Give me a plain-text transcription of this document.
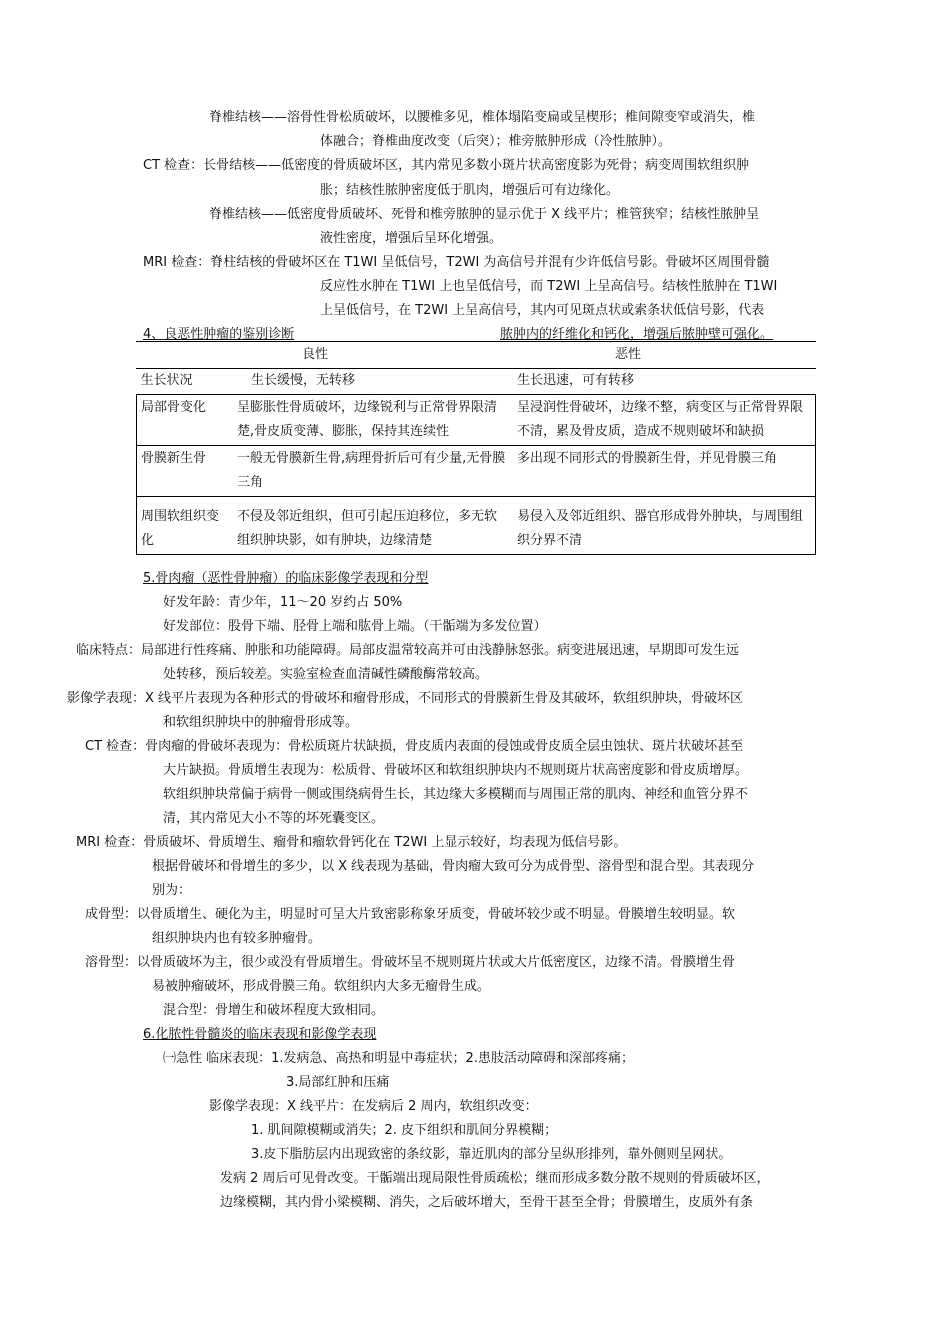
脊椎结核——溶骨性骨松质破坏，以腰椎多见，椎体塌陷变扁或呈楔形；椎间隙变窄或消失，椎
体融合；脊椎曲度改变（后突）；椎旁脓肿形成（冷性脓肿）。
CT 检查：长骨结核——低密度的骨质破坏区，其内常见多数小斑片状高密度影为死骨；病变周围软组织肿
胀；结核性脓肿密度低于肌肉，增强后可有边缘化。
脊椎结核——低密度骨质破坏、死骨和椎旁脓肿的显示优于 X 线平片；椎管狭窄；结核性脓肿呈
液性密度，增强后呈环化增强。
MRI 检查：脊柱结核的骨破坏区在 T1WI 呈低信号，T2WI 为高信号并混有少许低信号影。骨破坏区周围骨髓
反应性水肿在 T1WI 上也呈低信号，而 T2WI 上呈高信号。结核性脓肿在 T1WI
上呈低信号，在 T2WI 上呈高信号，其内可见斑点状或索条状低信号影，代表
4、良恶性肿瘤的鉴别诊断	脓肿内的纤维化和钙化，增强后脓肿壁可强化。
良性	恶性
生长状况	生长缓慢，无转移	生长迅速，可有转移
局部骨变化	呈膨胀性骨质破坏，边缘锐利与正常骨界限清楚,骨皮质变薄、膨胀，保持其连续性	呈浸润性骨破坏，边缘不整，病变区与正常骨界限不清，累及骨皮质，造成不规则破坏和缺损
骨膜新生骨	一般无骨膜新生骨,病理骨折后可有少量,无骨膜三角	多出现不同形式的骨膜新生骨，并见骨膜三角
周围软组织变化	不侵及邻近组织，但可引起压迫移位，多无软组织肿块影，如有肿块，边缘清楚	易侵入及邻近组织、器官形成骨外肿块，与周围组织分界不清
5.骨肉瘤（恶性骨肿瘤）的临床影像学表现和分型
好发年龄：青少年，11～20 岁约占 50%
好发部位：股骨下端、胫骨上端和肱骨上端。（干骺端为多发位置）
临床特点：局部进行性疼痛、肿胀和功能障碍。局部皮温常较高并可由浅静脉怒张。病变进展迅速，早期即可发生远
处转移，预后较差。实验室检查血清碱性磷酸酶常较高。
影像学表现：X 线平片表现为各种形式的骨破坏和瘤骨形成，不同形式的骨膜新生骨及其破坏，软组织肿块，骨破坏区
和软组织肿块中的肿瘤骨形成等。
CT 检查：骨肉瘤的骨破坏表现为：骨松质斑片状缺损，骨皮质内表面的侵蚀或骨皮质全层虫蚀状、斑片状破坏甚至
大片缺损。骨质增生表现为：松质骨、骨破坏区和软组织肿块内不规则斑片状高密度影和骨皮质增厚。
软组织肿块常偏于病骨一侧或围绕病骨生长，其边缘大多模糊而与周围正常的肌肉、神经和血管分界不
清，其内常见大小不等的坏死囊变区。
MRI 检查：骨质破坏、骨质增生、瘤骨和瘤软骨钙化在 T2WI 上显示较好，均表现为低信号影。
根据骨破坏和骨增生的多少，以 X 线表现为基础，骨肉瘤大致可分为成骨型、溶骨型和混合型。其表现分
别为：
成骨型：以骨质增生、硬化为主，明显时可呈大片致密影称象牙质变，骨破坏较少或不明显。骨膜增生较明显。软
组织肿块内也有较多肿瘤骨。
溶骨型：以骨质破坏为主，很少或没有骨质增生。骨破坏呈不规则斑片状或大片低密度区，边缘不清。骨膜增生骨
易被肿瘤破坏，形成骨膜三角。软组织内大多无瘤骨生成。
混合型：骨增生和破坏程度大致相同。
6.化脓性骨髓炎的临床表现和影像学表现
㈠急性 临床表现：1.发病急、高热和明显中毒症状；2.患肢活动障碍和深部疼痛；
3.局部红肿和压痛
影像学表现：X 线平片：在发病后 2 周内，软组织改变：
1. 肌间隙模糊或消失；2. 皮下组织和肌间分界模糊；
3.皮下脂肪层内出现致密的条纹影，靠近肌肉的部分呈纵形排列，靠外侧则呈网状。
发病 2 周后可见骨改变。干骺端出现局限性骨质疏松；继而形成多数分散不规则的骨质破坏区，
边缘模糊，其内骨小梁模糊、消失，之后破坏增大，至骨干甚至全骨；骨膜增生，皮质外有条
